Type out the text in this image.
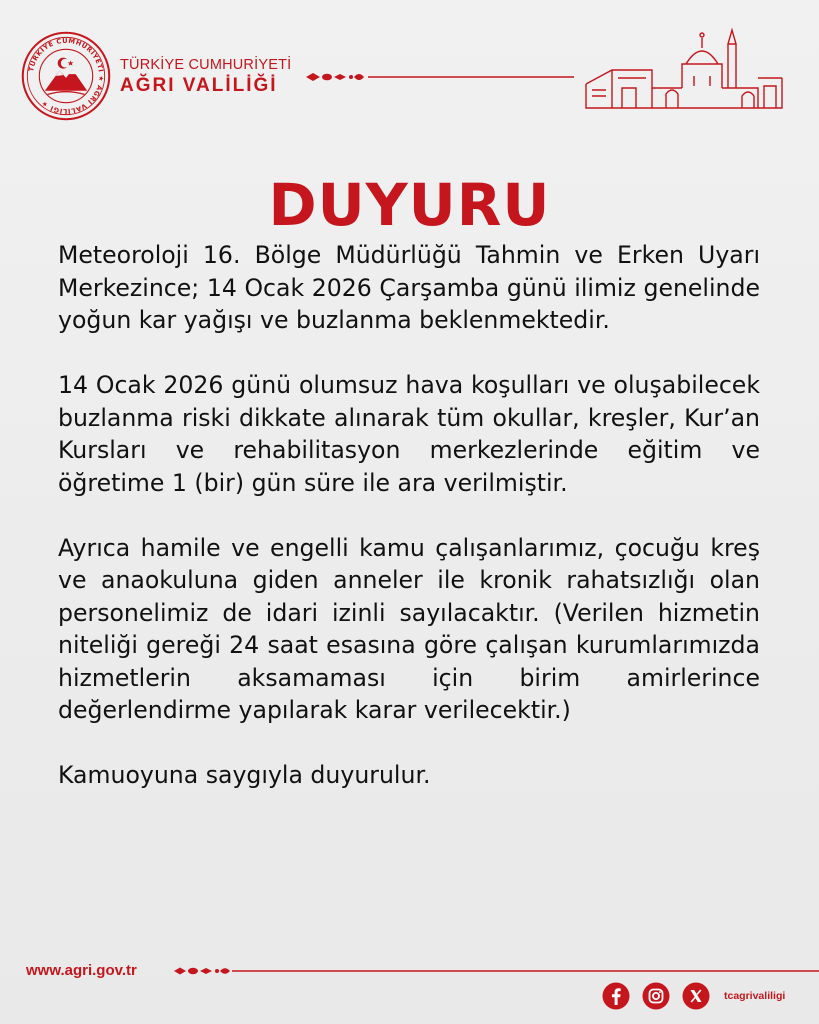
TÜRKİYE CUMHURİYETİ ★ AĞRI VALİLİĞİ ★
TÜRKİYE CUMHURİYETİ
AĞRI VALİLİĞİ
DUYURU

Meteoroloji 16. Bölge Müdürlüğü Tahmin ve Erken Uyarı Merkezince; 14 Ocak 2026 Çarşamba günü ilimiz genelinde yoğun kar yağışı ve buzlanma beklenmektedir.

14 Ocak 2026 günü olumsuz hava koşulları ve oluşabilecek buzlanma riski dikkate alınarak tüm okullar, kreşler, Kur’an Kursları ve rehabilitasyon merkezlerinde eğitim ve öğretime 1 (bir) gün süre ile ara verilmiştir.

Ayrıca hamile ve engelli kamu çalışanlarımız, çocuğu kreş ve anaokuluna giden anneler ile kronik rahatsızlığı olan personelimiz de idari izinli sayılacaktır. (Verilen hizmetin niteliği gereği 24 saat esasına göre çalışan kurumlarımızda hizmetlerin aksamaması için birim amirlerince değerlendirme yapılarak karar verilecektir.)

Kamuoyuna saygıyla duyurulur.

www.agri.gov.tr
tcagrivaliligi
